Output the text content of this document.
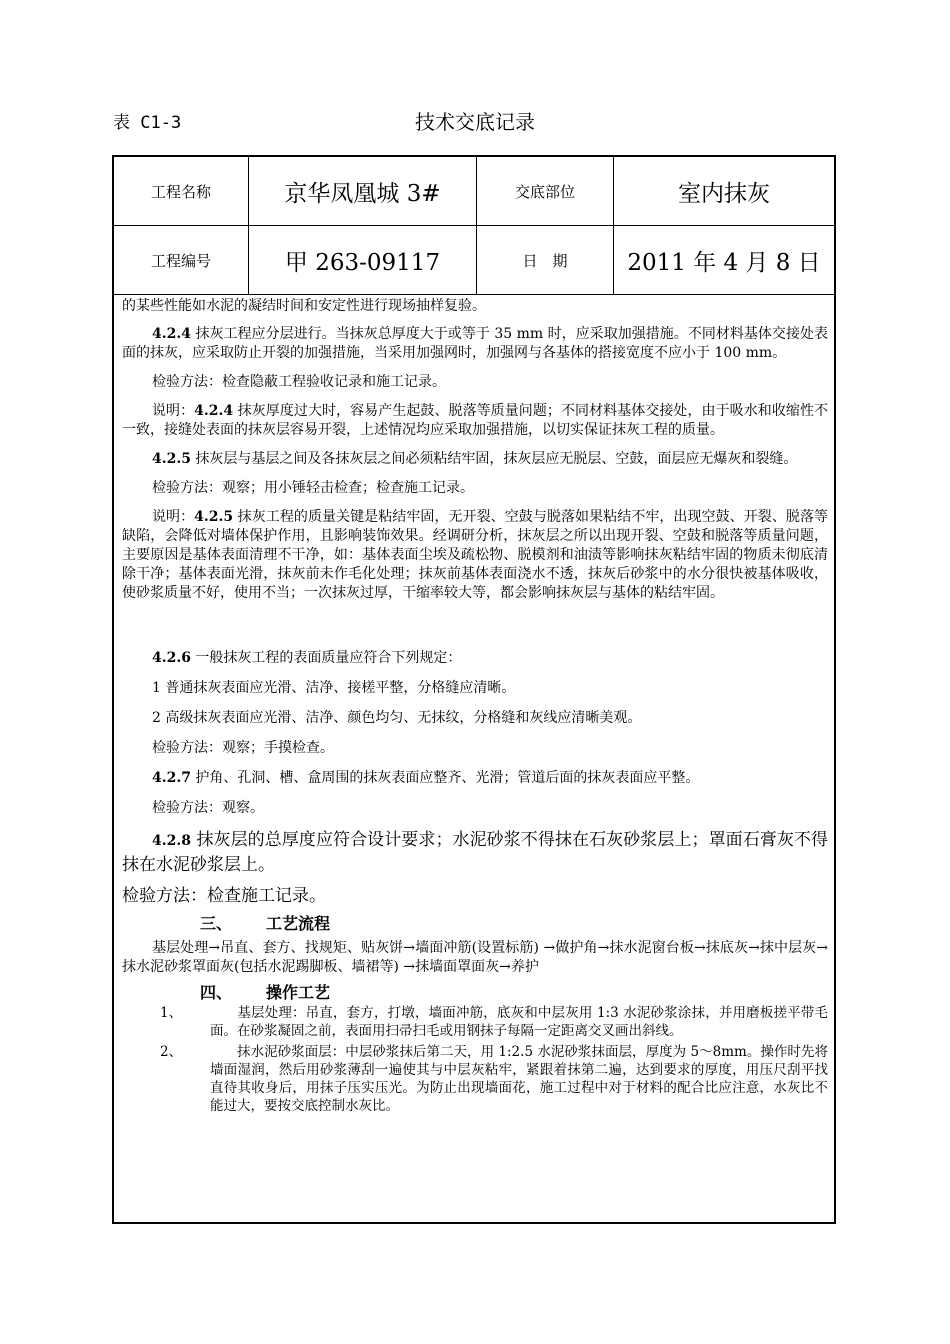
表 C1-3	技术交底记录
工程名称	京华凤凰城 3#	交底部位	室内抹灰
工程编号	甲 263-09117	日　期	2011 年 4 月 8 日

的某些性能如水泥的凝结时间和安定性进行现场抽样复验。

4.2.4 抹灰工程应分层进行。当抹灰总厚度大于或等于 35 mm 时，应采取加强措施。不同材料基体交接处表面的抹灰，应采取防止开裂的加强措施，当采用加强网时，加强网与各基体的搭接宽度不应小于 100 mm。

检验方法：检查隐蔽工程验收记录和施工记录。

说明：4.2.4 抹灰厚度过大时，容易产生起鼓、脱落等质量问题；不同材料基体交接处，由于吸水和收缩性不一致，接缝处表面的抹灰层容易开裂，上述情况均应采取加强措施，以切实保证抹灰工程的质量。

4.2.5 抹灰层与基层之间及各抹灰层之间必须粘结牢固，抹灰层应无脱层、空鼓，面层应无爆灰和裂缝。

检验方法：观察；用小锤轻击检查；检查施工记录。

说明：4.2.5 抹灰工程的质量关键是粘结牢固，无开裂、空鼓与脱落如果粘结不牢，出现空鼓、开裂、脱落等缺陷，会降低对墙体保护作用，且影响装饰效果。经调研分析，抹灰层之所以出现开裂、空鼓和脱落等质量问题，主要原因是基体表面清理不干净，如：基体表面尘埃及疏松物、脱模剂和油渍等影响抹灰粘结牢固的物质未彻底清除干净；基体表面光滑，抹灰前未作毛化处理；抹灰前基体表面浇水不透，抹灰后砂浆中的水分很快被基体吸收，使砂浆质量不好，使用不当；一次抹灰过厚，干缩率较大等，都会影响抹灰层与基体的粘结牢固。

4.2.6 一般抹灰工程的表面质量应符合下列规定：

1 普通抹灰表面应光滑、洁净、接槎平整，分格缝应清晰。

2 高级抹灰表面应光滑、洁净、颜色均匀、无抹纹，分格缝和灰线应清晰美观。

检验方法：观察；手摸检查。

4.2.7 护角、孔洞、槽、盒周围的抹灰表面应整齐、光滑；管道后面的抹灰表面应平整。

检验方法：观察。

4.2.8 抹灰层的总厚度应符合设计要求；水泥砂浆不得抹在石灰砂浆层上；罩面石膏灰不得抹在水泥砂浆层上。

检验方法：检查施工记录。

三、 工艺流程

基层处理→吊直、套方、找规矩、贴灰饼→墙面冲筋(设置标筋) →做护角→抹水泥窗台板→抹底灰→抹中层灰→抹水泥砂浆罩面灰(包括水泥踢脚板、墙裙等) →抹墙面罩面灰→养护

四、 操作工艺

1、	　　基层处理：吊直，套方，打墩，墙面冲筋，底灰和中层灰用 1:3 水泥砂浆涂抹，并用磨板搓平带毛面。在砂浆凝固之前，表面用扫帚扫毛或用钢抹子每隔一定距离交叉画出斜线。
2、	　　抹水泥砂浆面层：中层砂浆抹后第二天，用 1:2.5 水泥砂浆抹面层，厚度为 5～8mm。操作时先将墙面湿润，然后用砂浆薄刮一遍使其与中层灰粘牢，紧跟着抹第二遍，达到要求的厚度，用压尺刮平找直待其收身后，用抹子压实压光。为防止出现墙面花，施工过程中对于材料的配合比应注意，水灰比不能过大，要按交底控制水灰比。
